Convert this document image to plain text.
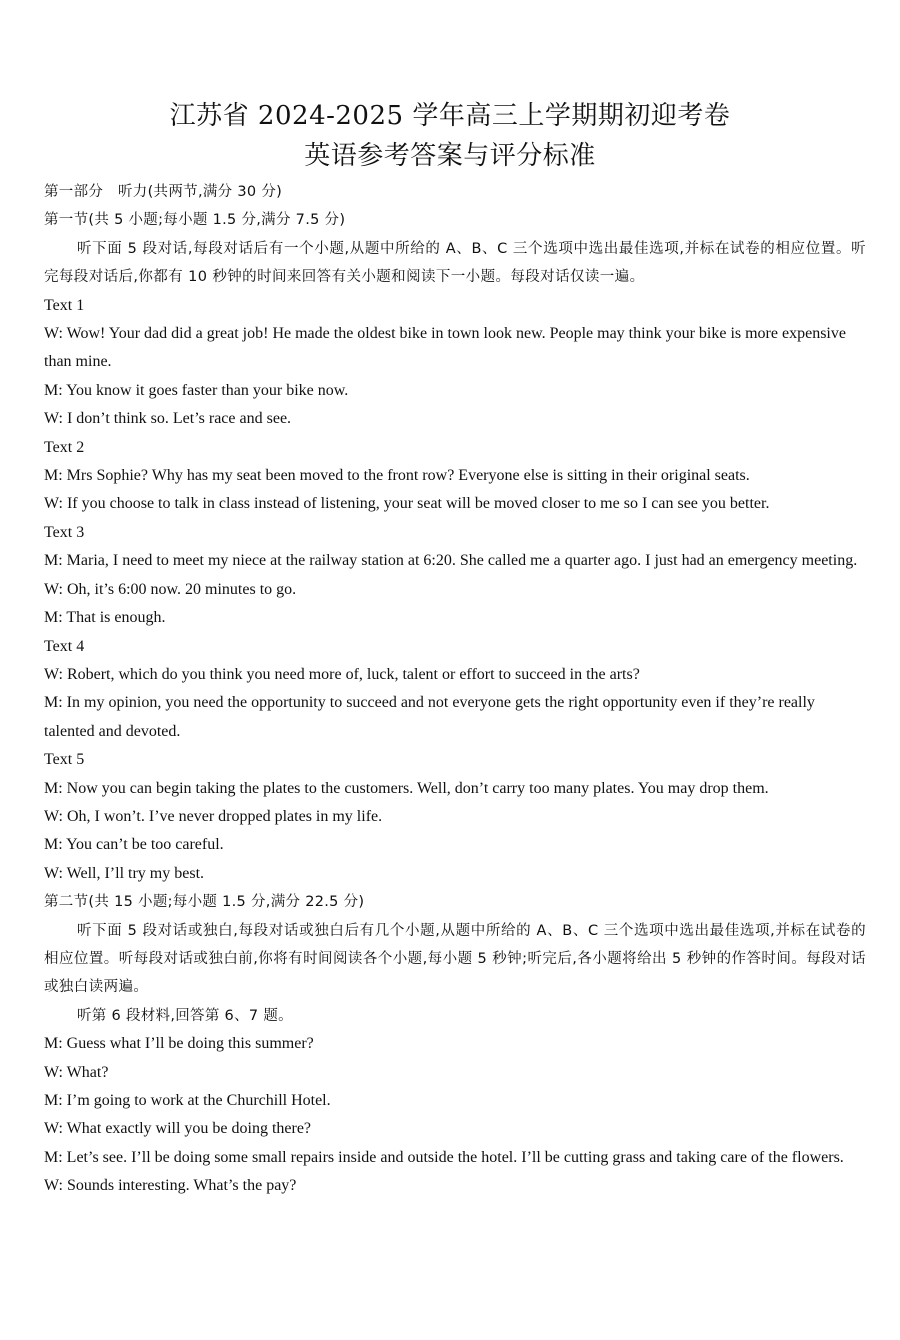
江苏省 2024-2025 学年高三上学期期初迎考卷
英语参考答案与评分标准
第一部分　听力(共两节,满分 30 分)
第一节(共 5 小题;每小题 1.5 分,满分 7.5 分)
听下面 5 段对话,每段对话后有一个小题,从题中所给的 A、B、C 三个选项中选出最佳选项,并标在试卷的相应位置。听完每段对话后,你都有 10 秒钟的时间来回答有关小题和阅读下一小题。每段对话仅读一遍。
Text 1
W: Wow! Your dad did a great job! He made the oldest bike in town look new. People may think your bike is more expensive than mine.
M: You know it goes faster than your bike now.
W: I don’t think so. Let’s race and see.
Text 2
M: Mrs Sophie? Why has my seat been moved to the front row? Everyone else is sitting in their original seats.
W: If you choose to talk in class instead of listening, your seat will be moved closer to me so I can see you better.
Text 3
M: Maria, I need to meet my niece at the railway station at 6:20. She called me a quarter ago. I just had an emergency meeting.
W: Oh, it’s 6:00 now. 20 minutes to go.
M: That is enough.
Text 4
W: Robert, which do you think you need more of, luck, talent or effort to succeed in the arts?
M: In my opinion, you need the opportunity to succeed and not everyone gets the right opportunity even if they’re really talented and devoted.
Text 5
M: Now you can begin taking the plates to the customers. Well, don’t carry too many plates. You may drop them.
W: Oh, I won’t. I’ve never dropped plates in my life.
M: You can’t be too careful.
W: Well, I’ll try my best.
第二节(共 15 小题;每小题 1.5 分,满分 22.5 分)
听下面 5 段对话或独白,每段对话或独白后有几个小题,从题中所给的 A、B、C 三个选项中选出最佳选项,并标在试卷的相应位置。听每段对话或独白前,你将有时间阅读各个小题,每小题 5 秒钟;听完后,各小题将给出 5 秒钟的作答时间。每段对话或独白读两遍。
听第 6 段材料,回答第 6、7 题。
M: Guess what I’ll be doing this summer?
W: What?
M: I’m going to work at the Churchill Hotel.
W: What exactly will you be doing there?
M: Let’s see. I’ll be doing some small repairs inside and outside the hotel. I’ll be cutting grass and taking care of the flowers.
W: Sounds interesting. What’s the pay?
